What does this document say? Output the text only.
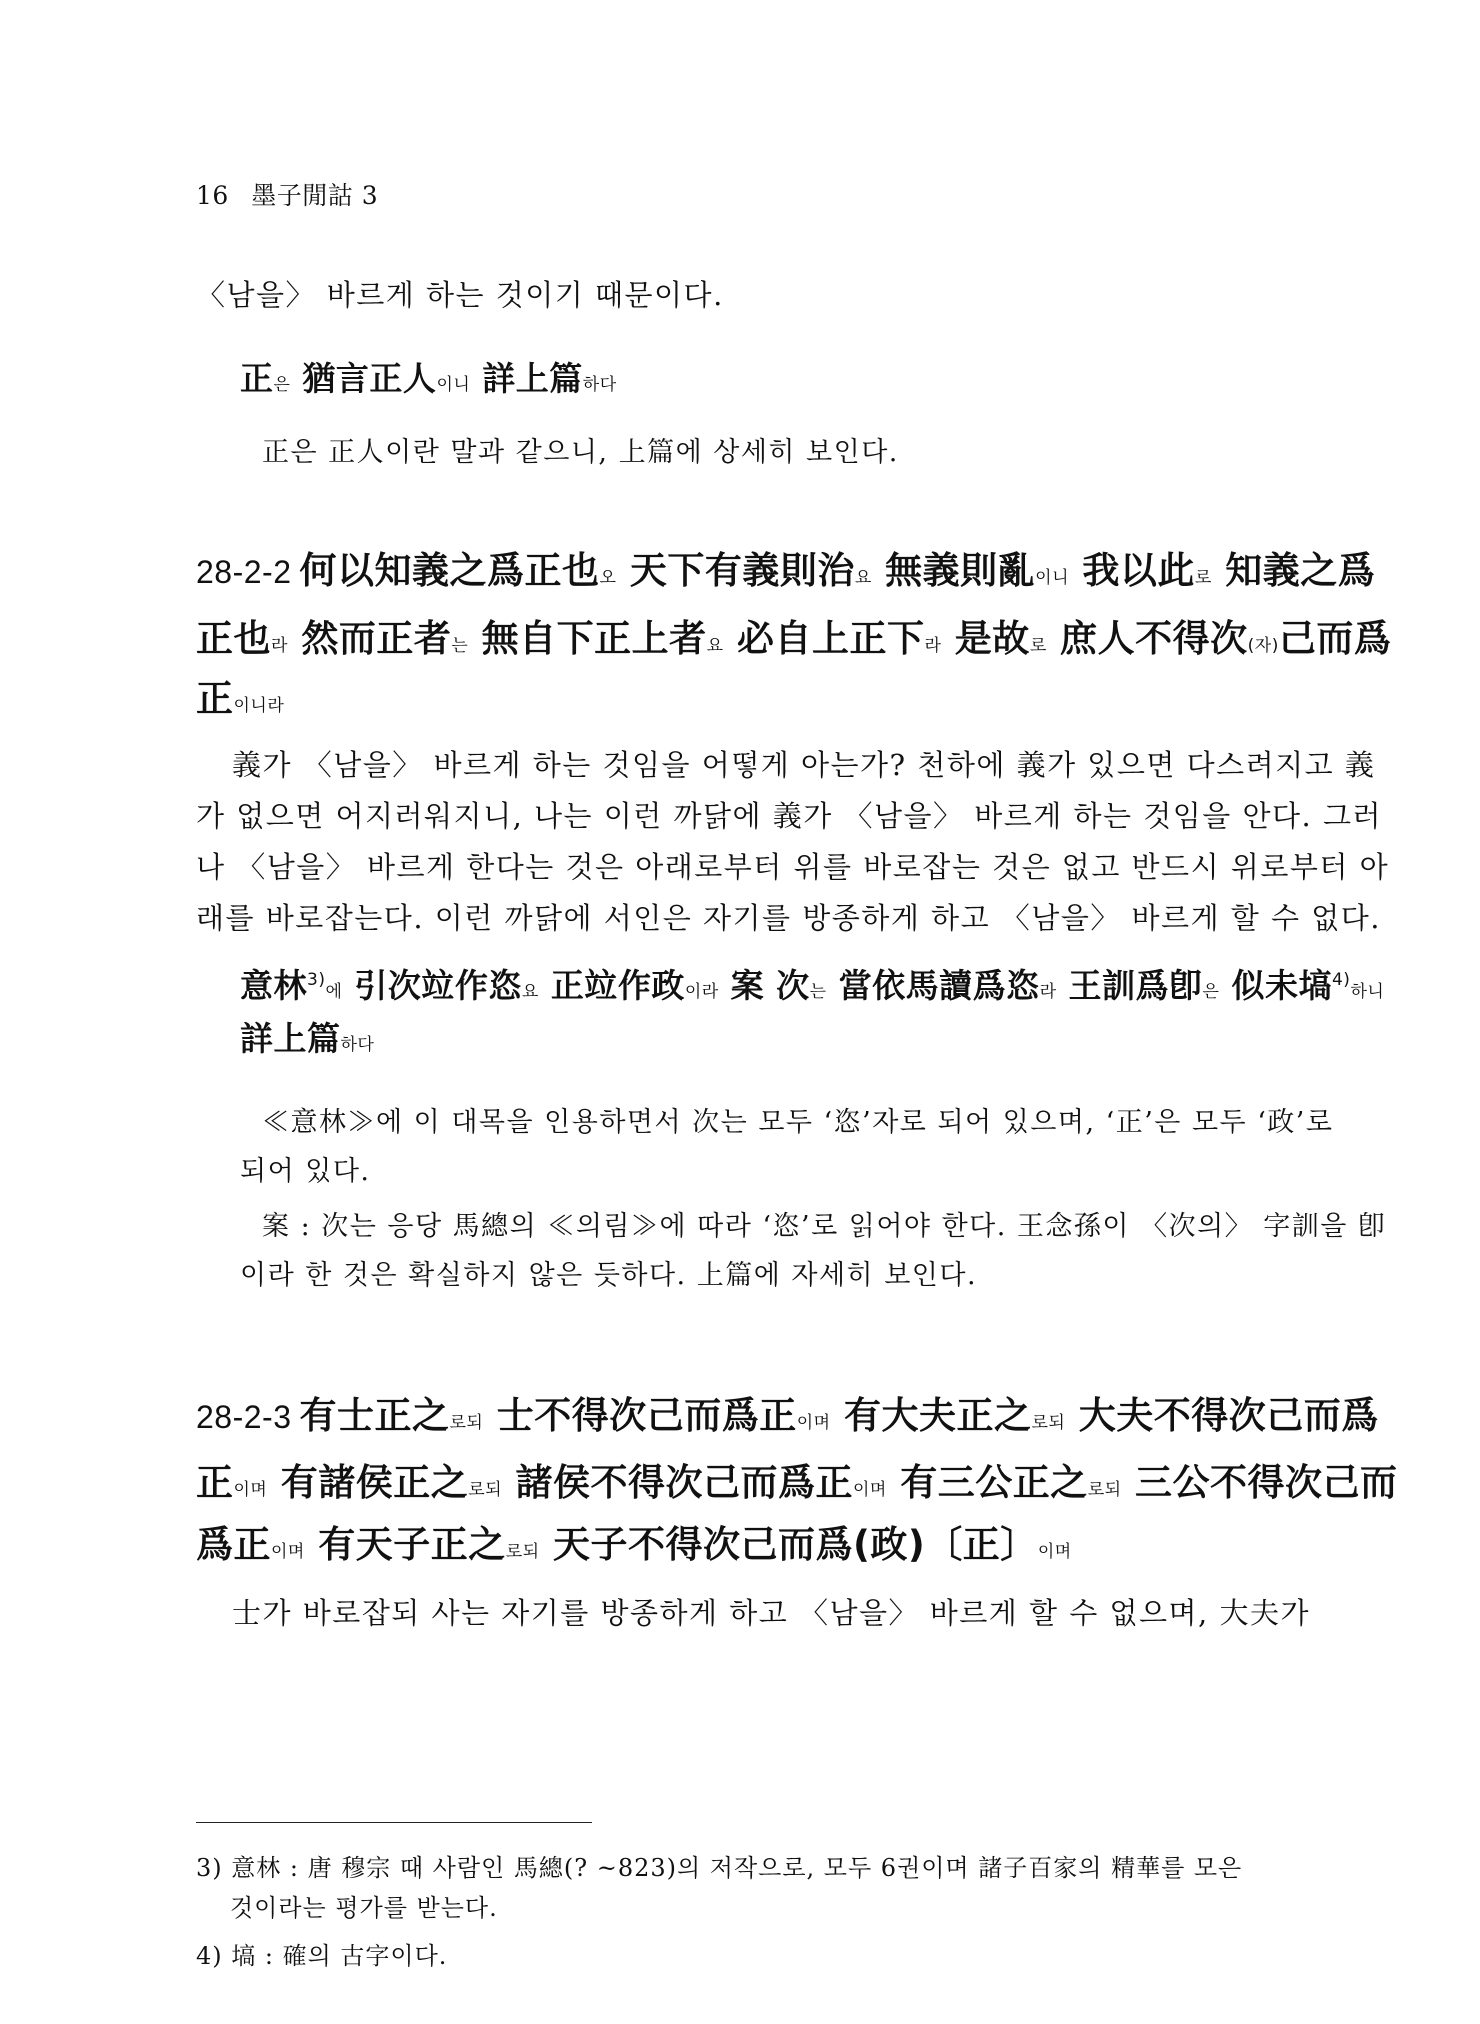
16 墨子閒詁 3
〈남을〉 바르게 하는 것이기 때문이다.
正은 猶言正人이니 詳上篇하다
正은 正人이란 말과 같으니, 上篇에 상세히 보인다.
28-2-2 何以知義之爲正也오 天下有義則治요 無義則亂이니 我以此로 知義之爲
正也라 然而正者는 無自下正上者요 必自上正下라 是故로 庶人不得次(자)己而爲
正이니라
義가 〈남을〉 바르게 하는 것임을 어떻게 아는가? 천하에 義가 있으면 다스려지고 義
가 없으면 어지러워지니, 나는 이런 까닭에 義가 〈남을〉 바르게 하는 것임을 안다. 그러
나 〈남을〉 바르게 한다는 것은 아래로부터 위를 바로잡는 것은 없고 반드시 위로부터 아
래를 바로잡는다. 이런 까닭에 서인은 자기를 방종하게 하고 〈남을〉 바르게 할 수 없다.
意林$^{3)}$에 引次竝作恣요 正竝作政이라 案 次는 當依馬讀爲恣라 王訓爲卽은 似未塙$^{4)}$하니
詳上篇하다
≪意林≫에 이 대목을 인용하면서 次는 모두 ‘恣’자로 되어 있으며, ‘正’은 모두 ‘政’로
되어 있다.
案 : 次는 응당 馬總의 ≪의림≫에 따라 ‘恣’로 읽어야 한다. 王念孫이 〈次의〉 字訓을 卽
이라 한 것은 확실하지 않은 듯하다. 上篇에 자세히 보인다.
28-2-3 有士正之로되 士不得次己而爲正이며 有大夫正之로되 大夫不得次己而爲
正이며 有諸侯正之로되 諸侯不得次己而爲正이며 有三公正之로되 三公不得次己而
爲正이며 有天子正之로되 天子不得次己而爲(政)〔正〕이며
士가 바로잡되 사는 자기를 방종하게 하고 〈남을〉 바르게 할 수 없으며, 大夫가
3) 意林 : 唐 穆宗 때 사람인 馬總(? ~823)의 저작으로, 모두 6권이며 諸子百家의 精華를 모은
것이라는 평가를 받는다.
4) 塙 : 確의 古字이다.
